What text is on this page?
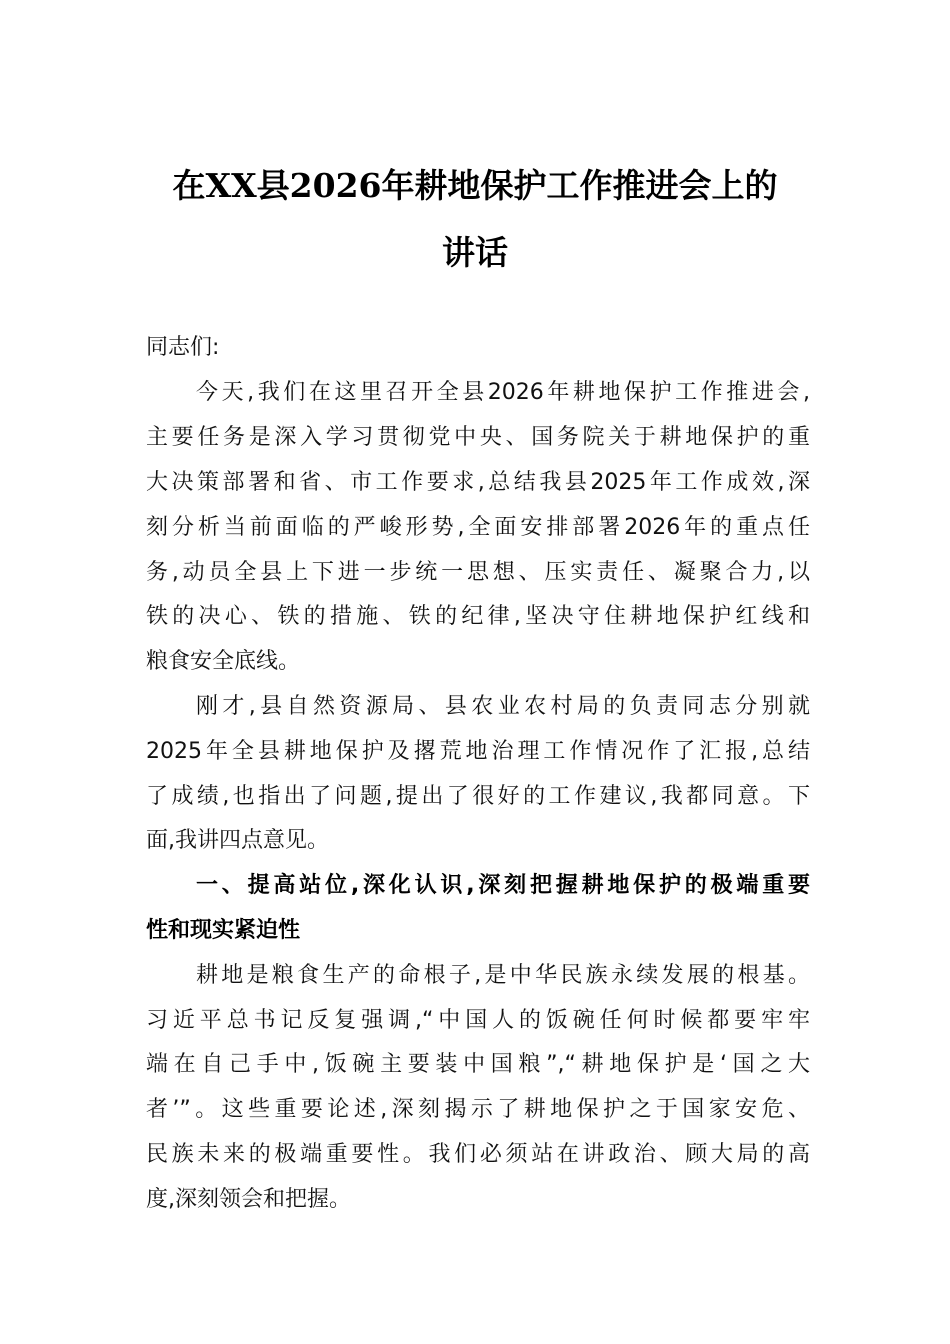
在XX县2026年耕地保护工作推进会上的
讲话
同志们:
今天,我们在这里召开全县2026年耕地保护工作推进会,
主要任务是深入学习贯彻党中央、国务院关于耕地保护的重
大决策部署和省、市工作要求,总结我县2025年工作成效,深
刻分析当前面临的严峻形势,全面安排部署2026年的重点任
务,动员全县上下进一步统一思想、压实责任、凝聚合力,以
铁的决心、铁的措施、铁的纪律,坚决守住耕地保护红线和
粮食安全底线。
刚才,县自然资源局、县农业农村局的负责同志分别就
2025年全县耕地保护及撂荒地治理工作情况作了汇报,总结
了成绩,也指出了问题,提出了很好的工作建议,我都同意。下
面,我讲四点意见。
一、提高站位,深化认识,深刻把握耕地保护的极端重要
性和现实紧迫性
耕地是粮食生产的命根子,是中华民族永续发展的根基。
习近平总书记反复强调,“中国人的饭碗任何时候都要牢牢
端在自己手中,饭碗主要装中国粮”,“耕地保护是‘国之大
者’”。这些重要论述,深刻揭示了耕地保护之于国家安危、
民族未来的极端重要性。我们必须站在讲政治、顾大局的高
度,深刻领会和把握。
